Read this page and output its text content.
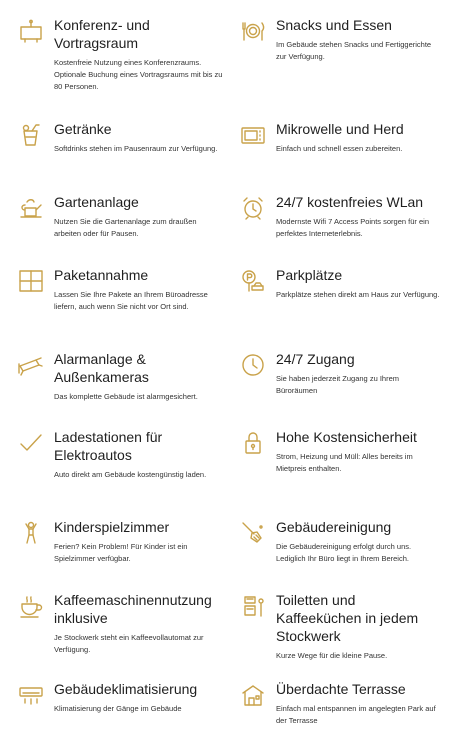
Konferenz- und Vortragsraum
Kostenfreie Nutzung eines Konferenzraums. Optionale Buchung eines Vortragsraums mit bis zu 80 Personen.
Snacks und Essen
Im Gebäude stehen Snacks und Fertiggerichte zur Verfügung.
Getränke
Softdrinks stehen im Pausenraum zur Verfügung.
Mikrowelle und Herd
Einfach und schnell essen zubereiten.
Gartenanlage
Nutzen Sie die Gartenanlage zum draußen arbeiten oder für Pausen.
24/7 kostenfreies WLan
Modernste Wifi 7 Access Points sorgen für ein perfektes Interneterlebnis.
Paketannahme
Lassen Sie Ihre Pakete an Ihrem Büroadresse liefern, auch wenn Sie nicht vor Ort sind.
Parkplätze
Parkplätze stehen direkt am Haus zur Verfügung.
Alarmanlage & Außenkameras
Das komplette Gebäude ist alarmgesichert.
24/7 Zugang
Sie haben jederzeit Zugang zu Ihrem Büroräumen
Ladestationen für Elektroautos
Auto direkt am Gebäude kostengünstig laden.
Hohe Kostensicherheit
Strom, Heizung und Müll: Alles bereits im Mietpreis enthalten.
Kinderspielzimmer
Ferien? Kein Problem! Für Kinder ist ein Spielzimmer verfügbar.
Gebäudereinigung
Die Gebäudereinigung erfolgt durch uns. Lediglich Ihr Büro liegt in Ihrem Bereich.
Kaffeemaschinennutzung inklusive
Je Stockwerk steht ein Kaffeevollautomat zur Verfügung.
Toiletten und Kaffeeküchen in jedem Stockwerk
Kurze Wege für die kleine Pause.
Gebäudeklimatisierung
Klimatisierung der Gänge im Gebäude
Überdachte Terrasse
Einfach mal entspannen im angelegten Park auf der Terrasse
